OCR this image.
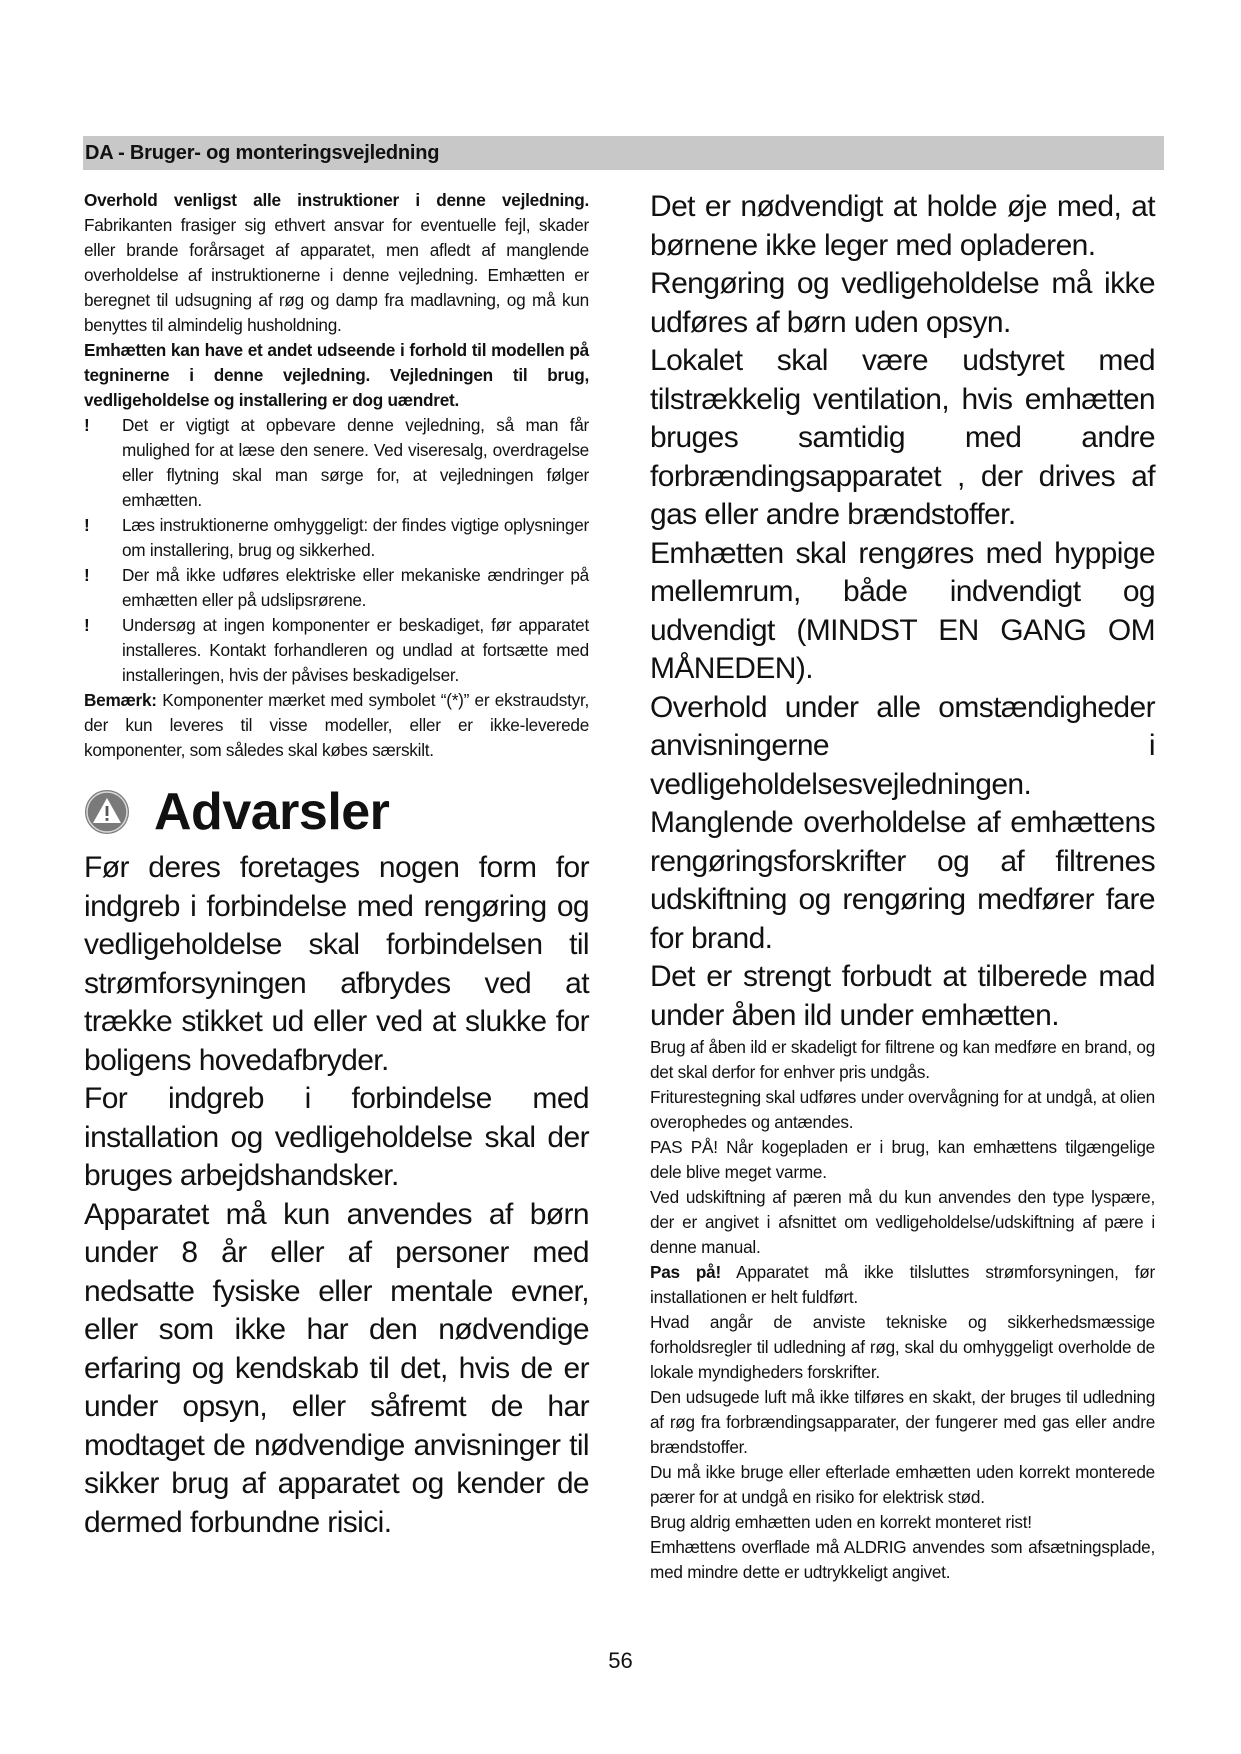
DA - Bruger- og monteringsvejledning

Overhold venligst alle instruktioner i denne vejledning. Fabrikanten frasiger sig ethvert ansvar for eventuelle fejl, skader eller brande forårsaget af apparatet, men afledt af manglende overholdelse af instruktionerne i denne vejledning. Emhætten er beregnet til udsugning af røg og damp fra madlavning, og må kun benyttes til almindelig husholdning.

Emhætten kan have et andet udseende i forhold til modellen på tegninerne i denne vejledning. Vejledningen til brug, vedligeholdelse og installering er dog uændret.

! Det er vigtigt at opbevare denne vejledning, så man får mulighed for at læse den senere. Ved viseresalg, overdragelse eller flytning skal man sørge for, at vejledningen følger emhætten.
! Læs instruktionerne omhyggeligt: der findes vigtige oplysninger om installering, brug og sikkerhed.
! Der må ikke udføres elektriske eller mekaniske ændringer på emhætten eller på udslipsrørene.
! Undersøg at ingen komponenter er beskadiget, før apparatet installeres. Kontakt forhandleren og undlad at fortsætte med installeringen, hvis der påvises beskadigelser.

Bemærk: Komponenter mærket med symbolet “(*)” er ekstraudstyr, der kun leveres til visse modeller, eller er ikke-leverede komponenter, som således skal købes særskilt.

Advarsler

Før deres foretages nogen form for indgreb i forbindelse med rengøring og vedligeholdelse skal forbindelsen til strømforsyningen afbrydes ved at trække stikket ud eller ved at slukke for boligens hovedafbryder.

For indgreb i forbindelse med installation og vedligeholdelse skal der bruges arbejdshandsker.

Apparatet må kun anvendes af børn under 8 år eller af personer med nedsatte fysiske eller mentale evner, eller som ikke har den nødvendige erfaring og kendskab til det, hvis de er under opsyn, eller såfremt de har modtaget de nødvendige anvisninger til sikker brug af apparatet og kender de dermed forbundne risici.

Det er nødvendigt at holde øje med, at børnene ikke leger med opladeren.

Rengøring og vedligeholdelse må ikke udføres af børn uden opsyn.

Lokalet skal være udstyret med tilstrækkelig ventilation, hvis emhætten bruges samtidig med andre forbrændingsapparatet , der drives af gas eller andre brændstoffer.

Emhætten skal rengøres med hyppige mellemrum, både indvendigt og udvendigt (MINDST EN GANG OM MÅNEDEN).

Overhold under alle omstændigheder anvisningerne i vedligeholdelsesvejledningen.

Manglende overholdelse af emhættens rengøringsforskrifter og af filtrenes udskiftning og rengøring medfører fare for brand.

Det er strengt forbudt at tilberede mad under åben ild under emhætten.

Brug af åben ild er skadeligt for filtrene og kan medføre en brand, og det skal derfor for enhver pris undgås.

Friturestegning skal udføres under overvågning for at undgå, at olien overophedes og antændes.

PAS PÅ! Når kogepladen er i brug, kan emhættens tilgængelige dele blive meget varme.

Ved udskiftning af pæren må du kun anvendes den type lyspære, der er angivet i afsnittet om vedligeholdelse/udskiftning af pære i denne manual.

Pas på! Apparatet må ikke tilsluttes strømforsyningen, før installationen er helt fuldført.

Hvad angår de anviste tekniske og sikkerhedsmæssige forholdsregler til udledning af røg, skal du omhyggeligt overholde de lokale myndigheders forskrifter.

Den udsugede luft må ikke tilføres en skakt, der bruges til udledning af røg fra forbrændingsapparater, der fungerer med gas eller andre brændstoffer.

Du må ikke bruge eller efterlade emhætten uden korrekt monterede pærer for at undgå en risiko for elektrisk stød.

Brug aldrig emhætten uden en korrekt monteret rist!

Emhættens overflade må ALDRIG anvendes som afsætningsplade, med mindre dette er udtrykkeligt angivet.

56
